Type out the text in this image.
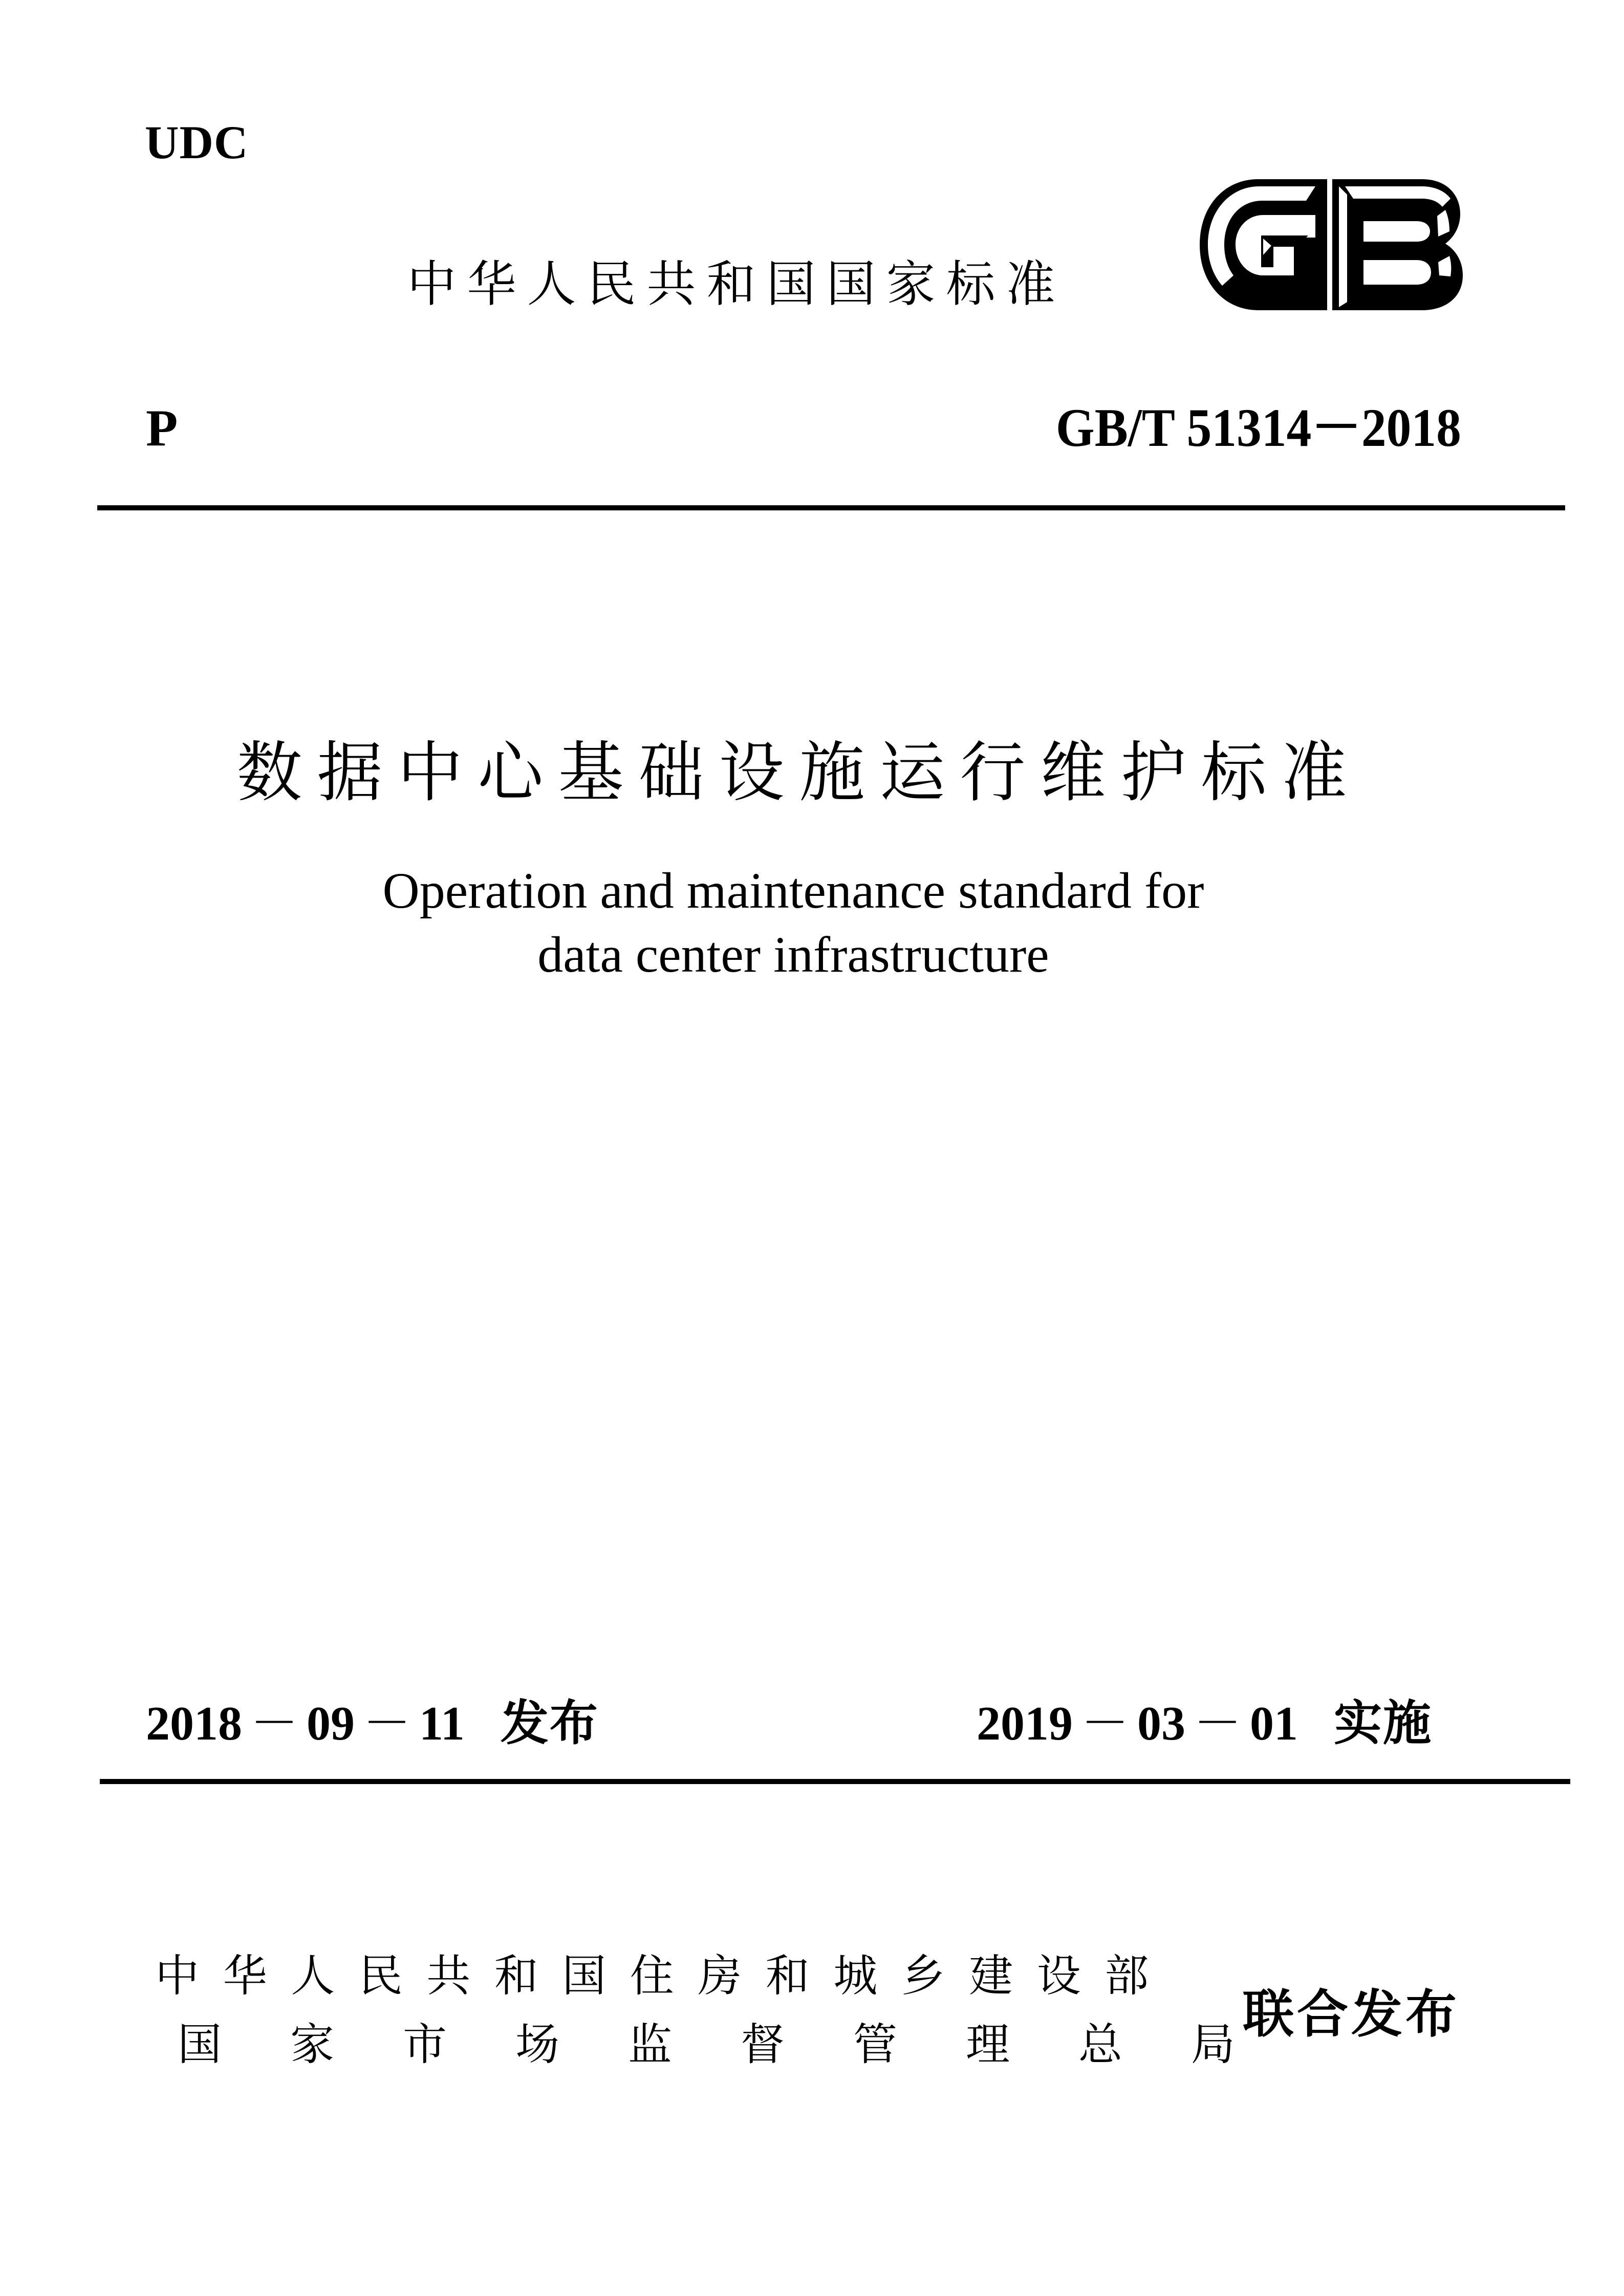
UDC
中 华 人 民 共 和 国 国 家 标 准
P	GB/T 51314－2018
数 据 中 心 基 础 设 施 运 行 维 护 标 准
Operation and maintenance standard for
data center infrastructure
2018 － 09 － 11 发布	2019 － 03 － 01 实施
中 华 人 民 共 和 国 住 房 和 城 乡 建 设 部
国	家	市	场	监	督	管	理	总	局
联合发布
